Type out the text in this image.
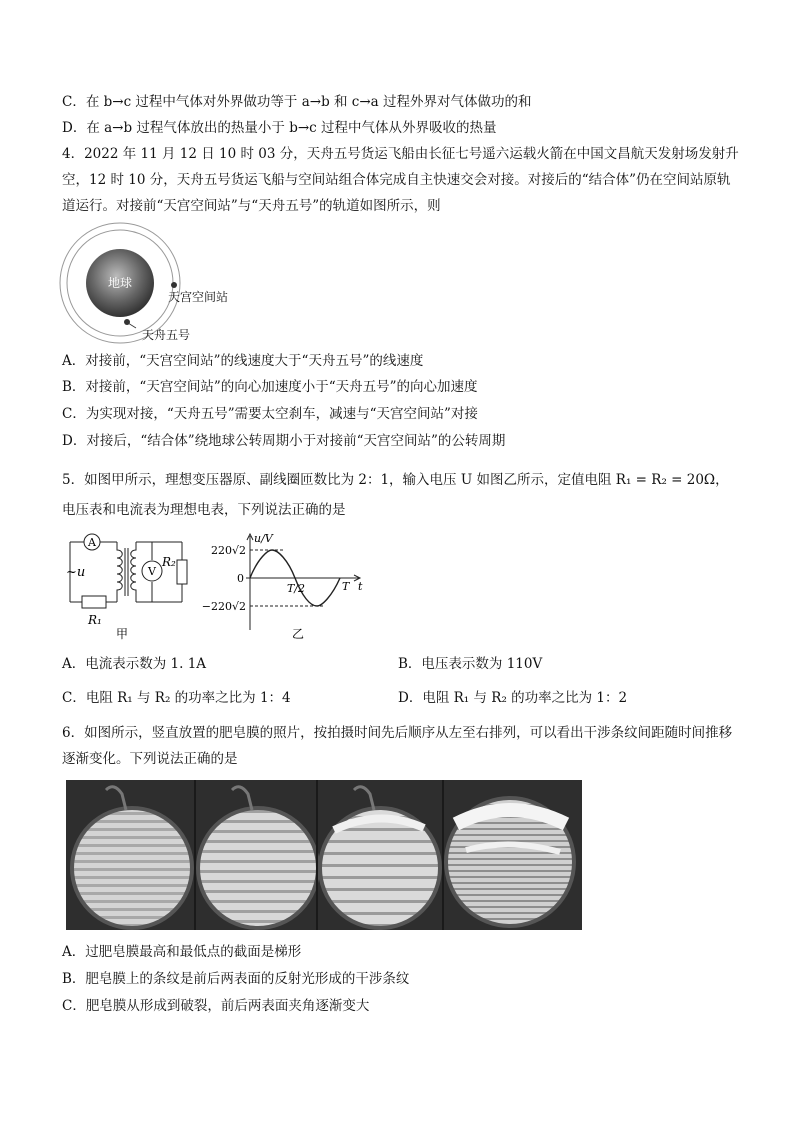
C．在 b→c 过程中气体对外界做功等于 a→b 和 c→a 过程外界对气体做功的和
D．在 a→b 过程气体放出的热量小于 b→c 过程中气体从外界吸收的热量
4．2022 年 11 月 12 日 10 时 03 分，天舟五号货运飞船由长征七号遥六运载火箭在中国文昌航天发射场发射升空，12 时 10 分，天舟五号货运飞船与空间站组合体完成自主快速交会对接。对接后的“结合体”仍在空间站原轨道运行。对接前“天宫空间站”与“天舟五号”的轨道如图所示，则
地球
天宫空间站
天舟五号
A．对接前，“天宫空间站”的线速度大于“天舟五号”的线速度
B．对接前，“天宫空间站”的向心加速度小于“天舟五号”的向心加速度
C．为实现对接，“天舟五号”需要太空刹车，减速与“天宫空间站”对接
D．对接后，“结合体”绕地球公转周期小于对接前“天宫空间站”的公转周期
5．如图甲所示，理想变压器原、副线圈匝数比为 2：1，输入电压 U 如图乙所示，定值电阻 R₁ = R₂ = 20Ω，
电压表和电流表为理想电表，下列说法正确的是
A
V
~u
R₁
R₂
甲
u/V
220√2
0
−220√2
T/2	T t
乙
A．电流表示数为 1. 1A	B．电压表示数为 110V
C．电阻 R₁ 与 R₂ 的功率之比为 1：4	D．电阻 R₁ 与 R₂ 的功率之比为 1：2
6．如图所示，竖直放置的肥皂膜的照片，按拍摄时间先后顺序从左至右排列，可以看出干涉条纹间距随时间推移逐渐变化。下列说法正确的是
A．过肥皂膜最高和最低点的截面是梯形
B．肥皂膜上的条纹是前后两表面的反射光形成的干涉条纹
C．肥皂膜从形成到破裂，前后两表面夹角逐渐变大
